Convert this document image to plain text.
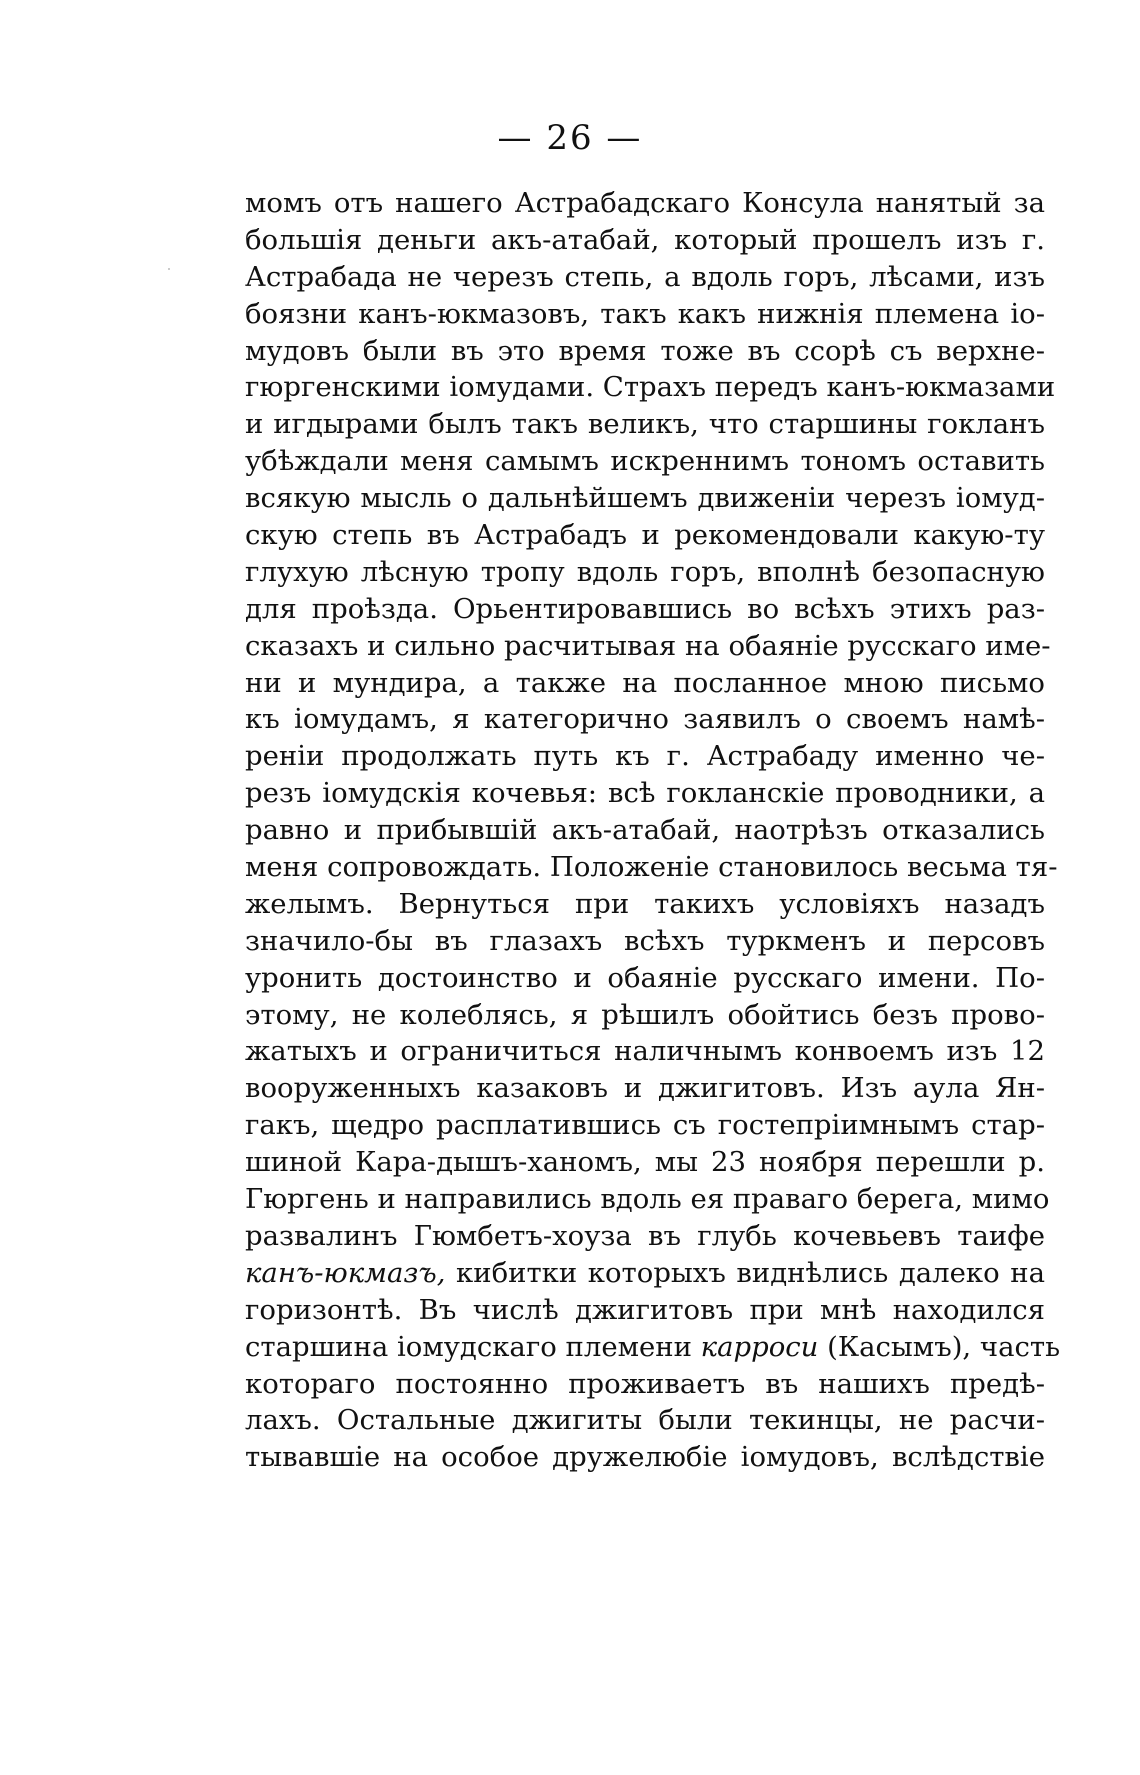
— 26 —
момъ отъ нашего Астрабадскаго Консула нанятый за
большія деньги акъ-атабай, который прошелъ изъ г.
Астрабада не черезъ степь, а вдоль горъ, лѣсами, изъ
боязни канъ-юкмазовъ, такъ какъ нижнія племена іо-
мудовъ были въ это время тоже въ ссорѣ съ верхне-
гюргенскими іомудами. Страхъ передъ канъ-юкмазами
и игдырами былъ такъ великъ, что старшины гокланъ
убѣждали меня самымъ искреннимъ тономъ оставить
всякую мысль о дальнѣйшемъ движеніи черезъ іомуд-
скую степь въ Астрабадъ и рекомендовали какую-ту
глухую лѣсную тропу вдоль горъ, вполнѣ безопасную
для проѣзда. Орьентировавшись во всѣхъ этихъ раз-
сказахъ и сильно расчитывая на обаяніе русскаго име-
ни и мундира, а также на посланное мною письмо
къ іомудамъ, я категорично заявилъ о своемъ намѣ-
реніи продолжать путь къ г. Астрабаду именно че-
резъ іомудскія кочевья: всѣ гокланскіе проводники, а
равно и прибывшій акъ-атабай, наотрѣзъ отказались
меня сопровождать. Положеніе становилось весьма тя-
желымъ. Вернуться при такихъ условіяхъ назадъ
значило-бы въ глазахъ всѣхъ туркменъ и персовъ
уронить достоинство и обаяніе русскаго имени. По-
этому, не колеблясь, я рѣшилъ обойтись безъ прово-
жатыхъ и ограничиться наличнымъ конвоемъ изъ 12
вооруженныхъ казаковъ и джигитовъ. Изъ аула Ян-
гакъ, щедро расплатившись съ гостепріимнымъ стар-
шиной Кара-дышъ-ханомъ, мы 23 ноября перешли р.
Гюргень и направились вдоль ея праваго берега, мимо
развалинъ Гюмбетъ-хоуза въ глубь кочевьевъ таифе
канъ-юкмазъ, кибитки которыхъ виднѣлись далеко на
горизонтѣ. Въ числѣ джигитовъ при мнѣ находился
старшина іомудскаго племени карроси (Касымъ), часть
котораго постоянно проживаетъ въ нашихъ предѣ-
лахъ. Остальные джигиты были текинцы, не расчи-
тывавшіе на особое дружелюбіе іомудовъ, вслѣдствіе
